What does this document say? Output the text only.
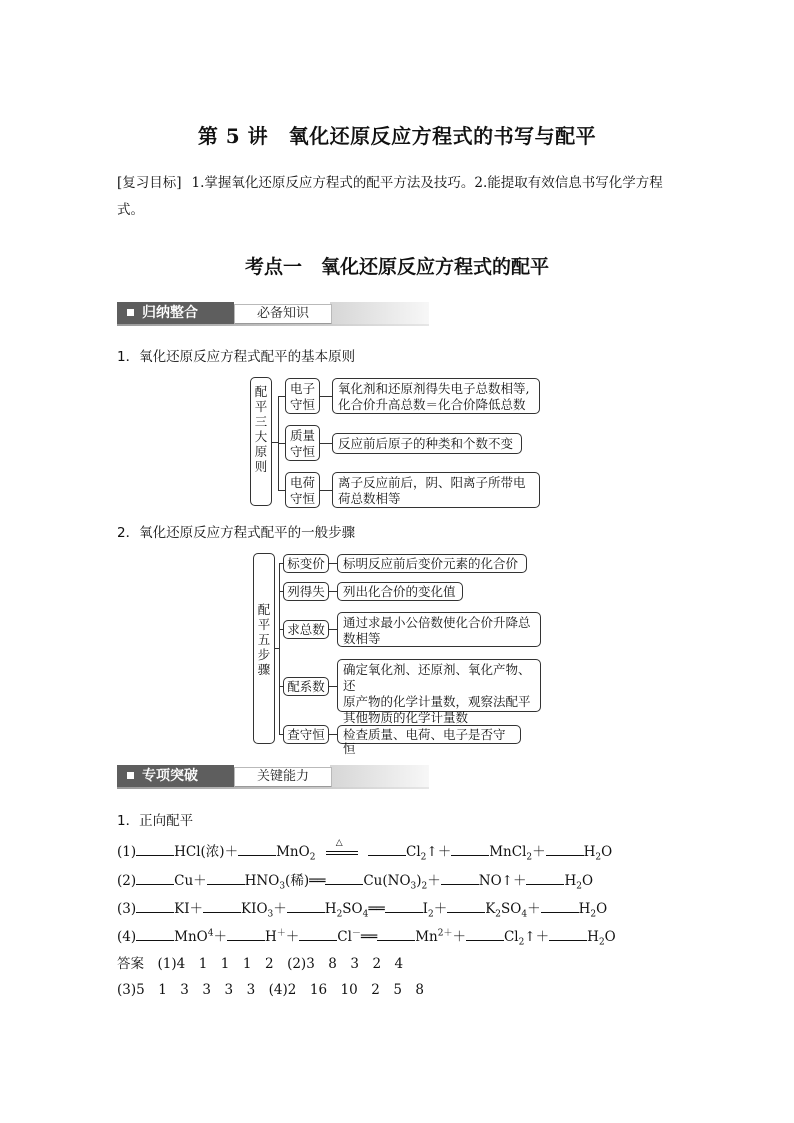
第 5 讲　氧化还原反应方程式的书写与配平
[复习目标] 1.掌握氧化还原反应方程式的配平方法及技巧。2.能提取有效信息书写化学方程
式。
考点一　氧化还原反应方程式的配平
归纳整合	必备知识
1．氧化还原反应方程式配平的基本原则
配
平
三
大
原
则
电子
守恒
氧化剂和还原剂得失电子总数相等,
化合价升高总数＝化合价降低总数
质量
守恒
反应前后原子的种类和个数不变
电荷
守恒
离子反应前后，阴、阳离子所带电
荷总数相等
2．氧化还原反应方程式配平的一般步骤
配
平
五
步
骤
标变价	标明反应前后变价元素的化合价
列得失	列出化合价的变化值
求总数	通过求最小公倍数使化合价升降总
数相等
配系数
确定氧化剂、还原剂、氧化产物、还
原产物的化学计量数，观察法配平
其他物质的化学计量数
查守恒	检查质量、电荷、电子是否守恒
专项突破	关键能力
1．正向配平
(1)	HCl(浓)＋	MnO$_2$
△
$Cl_2↑+$	MnCl$_2$＋	$H_2O$
(2)	Cu＋	$HNO_3$(稀)══	$Cu(NO_3)_2+$	NO↑＋	$H_2O$
(3)	KI＋	$KIO_3+$	$H_2SO_4══$	$I_2+$	$K_2SO_4+$	$H_2O$
(4)	MnO$^4$＋	H＋＋	Cl－══	$Mn^{2+}+$	$Cl_2↑+$	$H_2O$
答案　(1)4　1　1　1　2　(2)3　8　3　2　4
(3)5　1　3　3　3　3　(4)2　16　10　2　5　8
